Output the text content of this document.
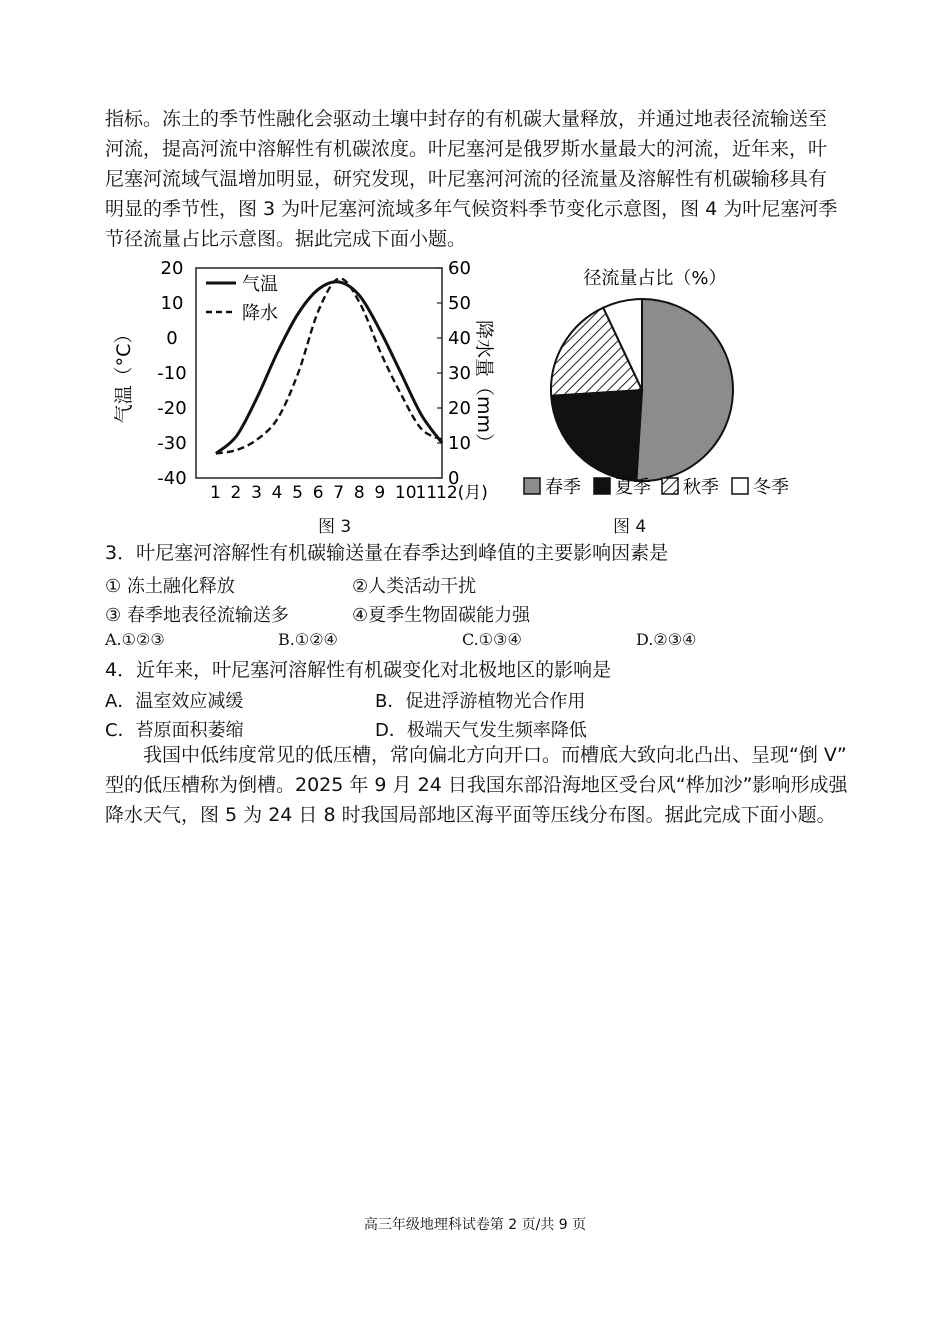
指标。冻土的季节性融化会驱动土壤中封存的有机碳大量释放，并通过地表径流输送至
河流，提高河流中溶解性有机碳浓度。叶尼塞河是俄罗斯水量最大的河流，近年来，叶
尼塞河流域气温增加明显，研究发现，叶尼塞河河流的径流量及溶解性有机碳输移具有
明显的季节性，图 3 为叶尼塞河流域多年气候资料季节变化示意图，图 4 为叶尼塞河季
节径流量占比示意图。据此完成下面小题。
20
10
0
-10
-20
-30
-40
60
50
40
30
20
10
0
1 2 3 4 5 6 7 8 9 10
11
12(月)
气温
降水
气温（°C）	降水量（mm）
径流量占比（%）
春季 夏季 秋季 冬季
图 3	图 4
3．叶尼塞河溶解性有机碳输送量在春季达到峰值的主要影响因素是
① 冻土融化释放	②人类活动干扰
③ 春季地表径流输送多	④夏季生物固碳能力强
A.①②③	B.①②④	C.①③④	D.②③④
4．近年来，叶尼塞河溶解性有机碳变化对北极地区的影响是
A．温室效应减缓	B．促进浮游植物光合作用
C．苔原面积萎缩	D．极端天气发生频率降低
我国中低纬度常见的低压槽，常向偏北方向开口。而槽底大致向北凸出、呈现“倒 V”
型的低压槽称为倒槽。2025 年 9 月 24 日我国东部沿海地区受台风“桦加沙”影响形成强
降水天气，图 5 为 24 日 8 时我国局部地区海平面等压线分布图。据此完成下面小题。
高三年级地理科试卷第 2 页/共 9 页
